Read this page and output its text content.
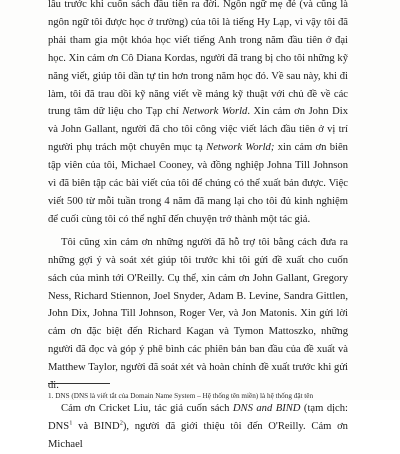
lâu trước khi cuốn sách đầu tiên ra đời. Ngôn ngữ mẹ đẻ (và cũng là ngôn ngữ tôi được học ở trường) của tôi là tiếng Hy Lạp, vì vậy tôi đã phải tham gia một khóa học viết tiếng Anh trong năm đầu tiên ở đại học. Xin cảm ơn Cô Diana Kordas, người đã trang bị cho tôi những kỹ năng viết, giúp tôi dần tự tin hơn trong năm học đó. Về sau này, khi đi làm, tôi đã trau dồi kỹ năng viết về mảng kỹ thuật với chủ đề về các trung tâm dữ liệu cho Tạp chí Network World. Xin cảm ơn John Dix và John Gallant, người đã cho tôi công việc viết lách đầu tiên ở vị trí người phụ trách một chuyên mục tạ Network World; xin cảm ơn biên tập viên của tôi, Michael Cooney, và đồng nghiệp Johna Till Johnson vì đã biên tập các bài viết của tôi để chúng có thể xuất bản được. Việc viết 500 từ mỗi tuần trong 4 năm đã mang lại cho tôi đủ kinh nghiệm để cuối cùng tôi có thể nghĩ đến chuyện trở thành một tác giả.

Tôi cũng xin cảm ơn những người đã hỗ trợ tôi bằng cách đưa ra những gợi ý và soát xét giúp tôi trước khi tôi gửi đề xuất cho cuốn sách của mình tới O'Reilly. Cụ thể, xin cảm ơn John Gallant, Gregory Ness, Richard Stiennon, Joel Snyder, Adam B. Levine, Sandra Gittlen, John Dix, Johna Till Johnson, Roger Ver, và Jon Matonis. Xin gửi lời cảm ơn đặc biệt đến Richard Kagan và Tymon Mattoszko, những người đã đọc và góp ý phê bình các phiên bản ban đầu của đề xuất và Matthew Taylor, người đã soát xét và hoàn chỉnh đề xuất trước khi gửi đi.

Cảm ơn Cricket Liu, tác giả cuốn sách DNS and BIND (tạm dịch: DNS$^1$ và BIND$^2$), người đã giới thiệu tôi đến O'Reilly. Cảm ơn Michael

1. DNS (DNS là viết tắt của Domain Name System – Hệ thống tên miền) là hệ thống đặt tên
